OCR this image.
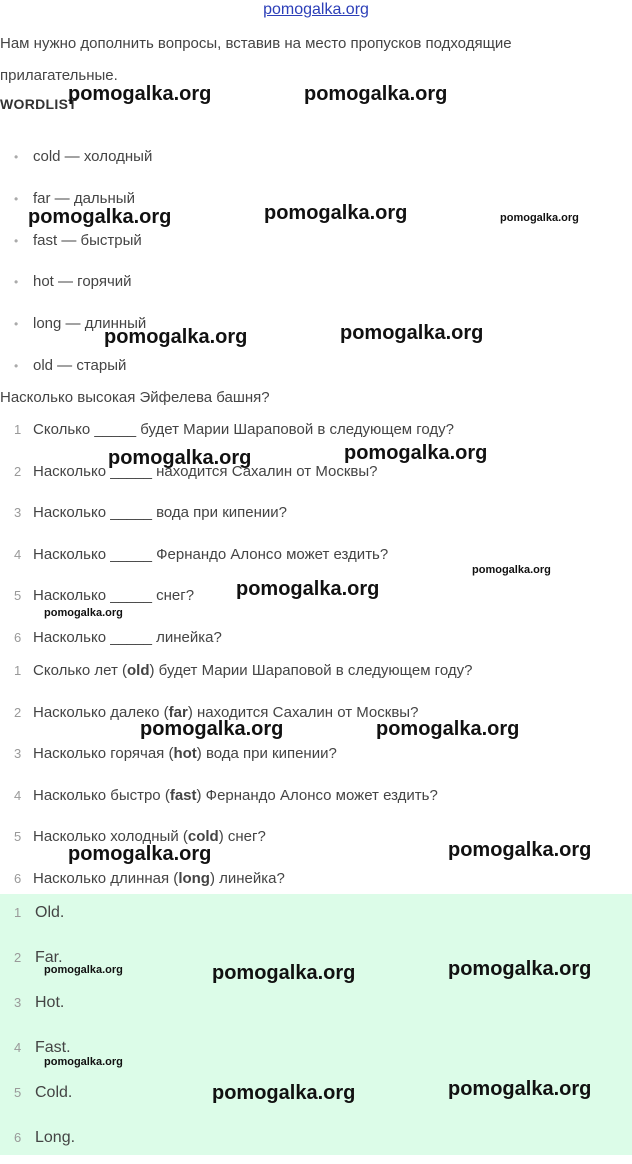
pomogalka.org
Нам нужно дополнить вопросы, вставив на место пропусков подходящие прилагательные.
WORDLIST
• cold — холодный
• far — дальный
• fast — быстрый
• hot — горячий
• long — длинный
• old — старый
Насколько высокая Эйфелева башня?
1 Сколько _____ будет Марии Шараповой в следующем году?
2 Насколько _____ находится Сахалин от Москвы?
3 Насколько _____ вода при кипении?
4 Насколько _____ Фернандо Алонсо может ездить?
5 Насколько _____ снег?
6 Насколько _____ линейка?
1 Сколько лет (old) будет Марии Шараповой в следующем году?
2 Насколько далеко (far) находится Сахалин от Москвы?
3 Насколько горячая (hot) вода при кипении?
4 Насколько быстро (fast) Фернандо Алонсо может ездить?
5 Насколько холодный (cold) снег?
6 Насколько длинная (long) линейка?
1 Old.
2 Far.
3 Hot.
4 Fast.
5 Cold.
6 Long.
pomogalka.org	pomogalka.org
pomogalka.org	pomogalka.org	pomogalka.org
pomogalka.org	pomogalka.org
pomogalka.org	pomogalka.org
pomogalka.org
pomogalka.org
pomogalka.org
pomogalka.org	pomogalka.org
pomogalka.org	pomogalka.org
pomogalka.org	pomogalka.org	pomogalka.org
pomogalka.org
pomogalka.org	pomogalka.org
